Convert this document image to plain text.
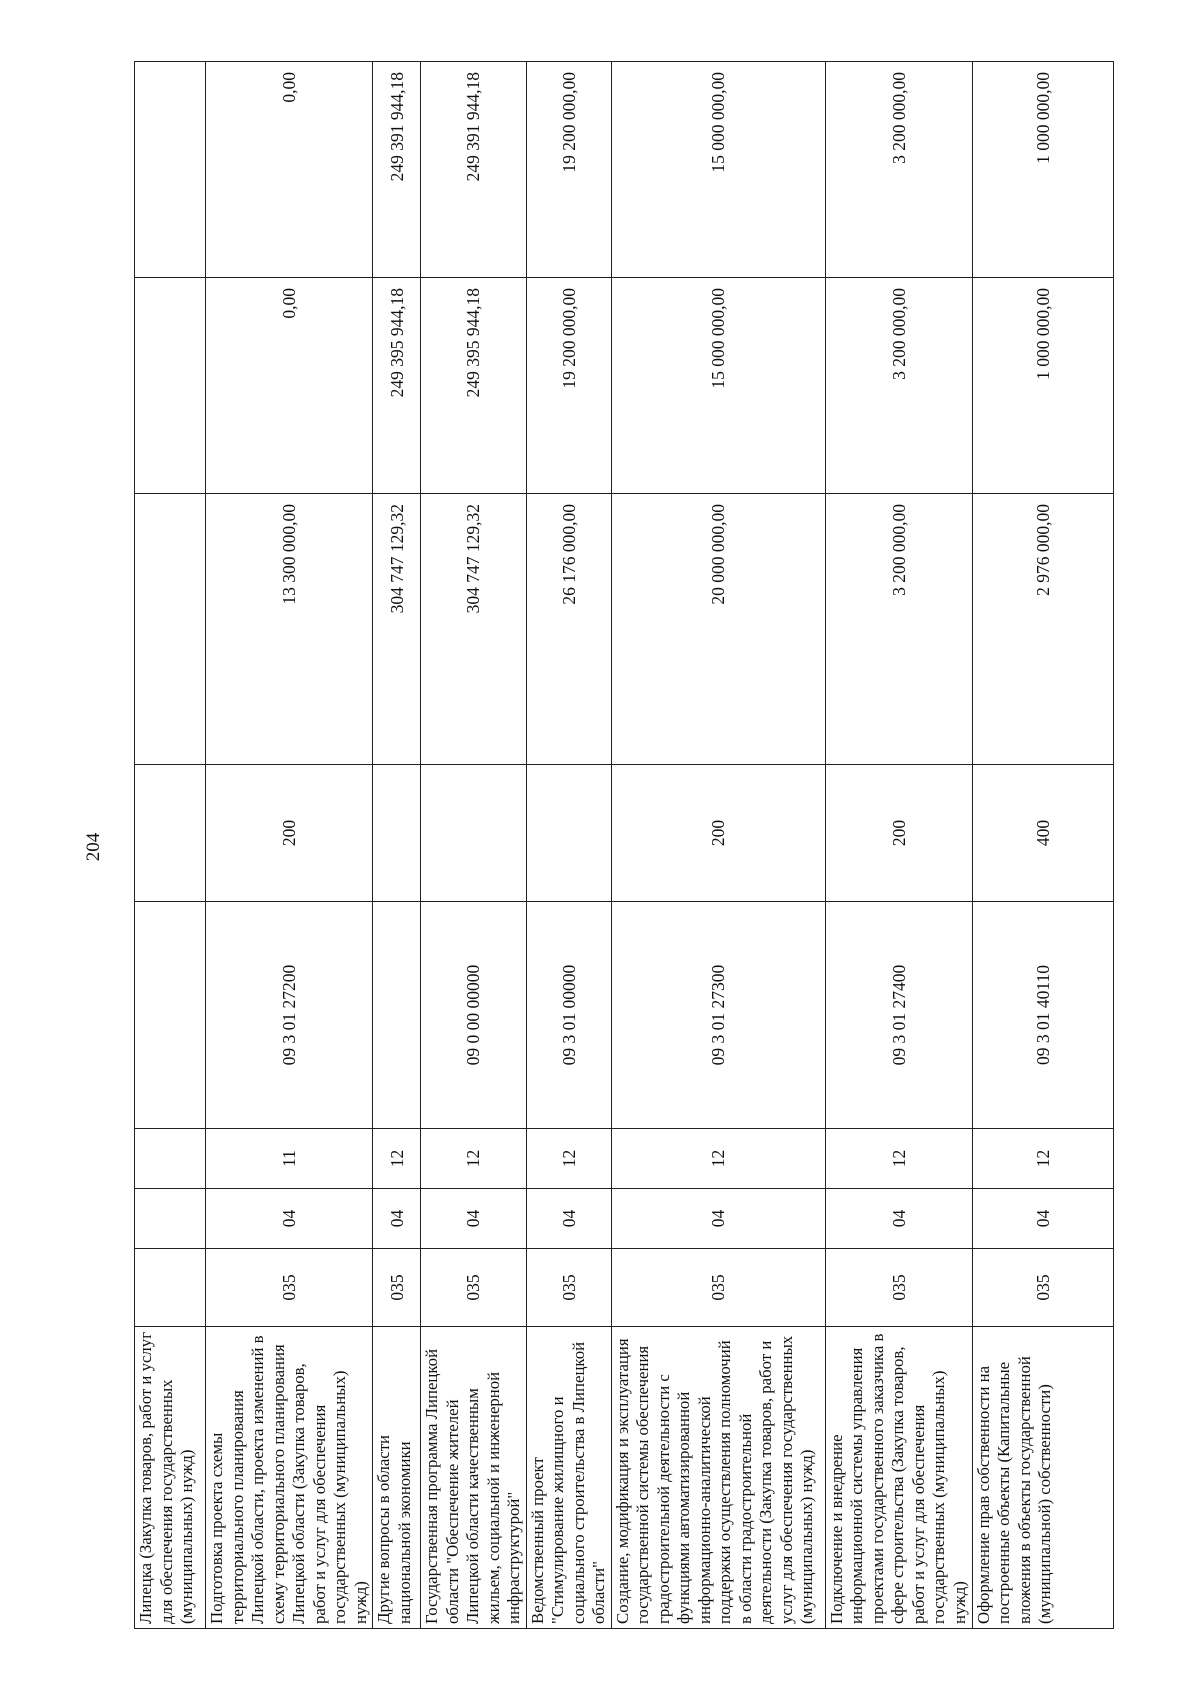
204
Липецка (Закупка товаров, работ и услуг для обеспечения государственных (муниципальных) нужд)								
Подготовка проекта схемы территориального планирования Липецкой области, проекта изменений в схему территориального планирования Липецкой области (Закупка товаров, работ и услуг для обеспечения государственных (муниципальных) нужд)	035	04	11	09 3 01 27200	200	13 300 000,00	0,00	0,00
Другие вопросы в области национальной экономики	035	04	12			304 747 129,32	249 395 944,18	249 391 944,18
Государственная программа Липецкой области "Обеспечение жителей Липецкой области качественным жильем, социальной и инженерной инфраструктурой"	035	04	12	09 0 00 00000		304 747 129,32	249 395 944,18	249 391 944,18
Ведомственный проект "Стимулирование жилищного и социального строительства в Липецкой области"	035	04	12	09 3 01 00000		26 176 000,00	19 200 000,00	19 200 000,00
Создание, модификация и эксплуатация государственной системы обеспечения градостроительной деятельности с функциями автоматизированной информационно-аналитической поддержки осуществления полномочий в области градостроительной деятельности (Закупка товаров, работ и услуг для обеспечения государственных (муниципальных) нужд)	035	04	12	09 3 01 27300	200	20 000 000,00	15 000 000,00	15 000 000,00
Подключение и внедрение информационной системы управления проектами государственного заказчика в сфере строительства (Закупка товаров, работ и услуг для обеспечения государственных (муниципальных) нужд)	035	04	12	09 3 01 27400	200	3 200 000,00	3 200 000,00	3 200 000,00
Оформление прав собственности на построенные объекты (Капитальные вложения в объекты государственной (муниципальной) собственности)	035	04	12	09 3 01 40110	400	2 976 000,00	1 000 000,00	1 000 000,00
